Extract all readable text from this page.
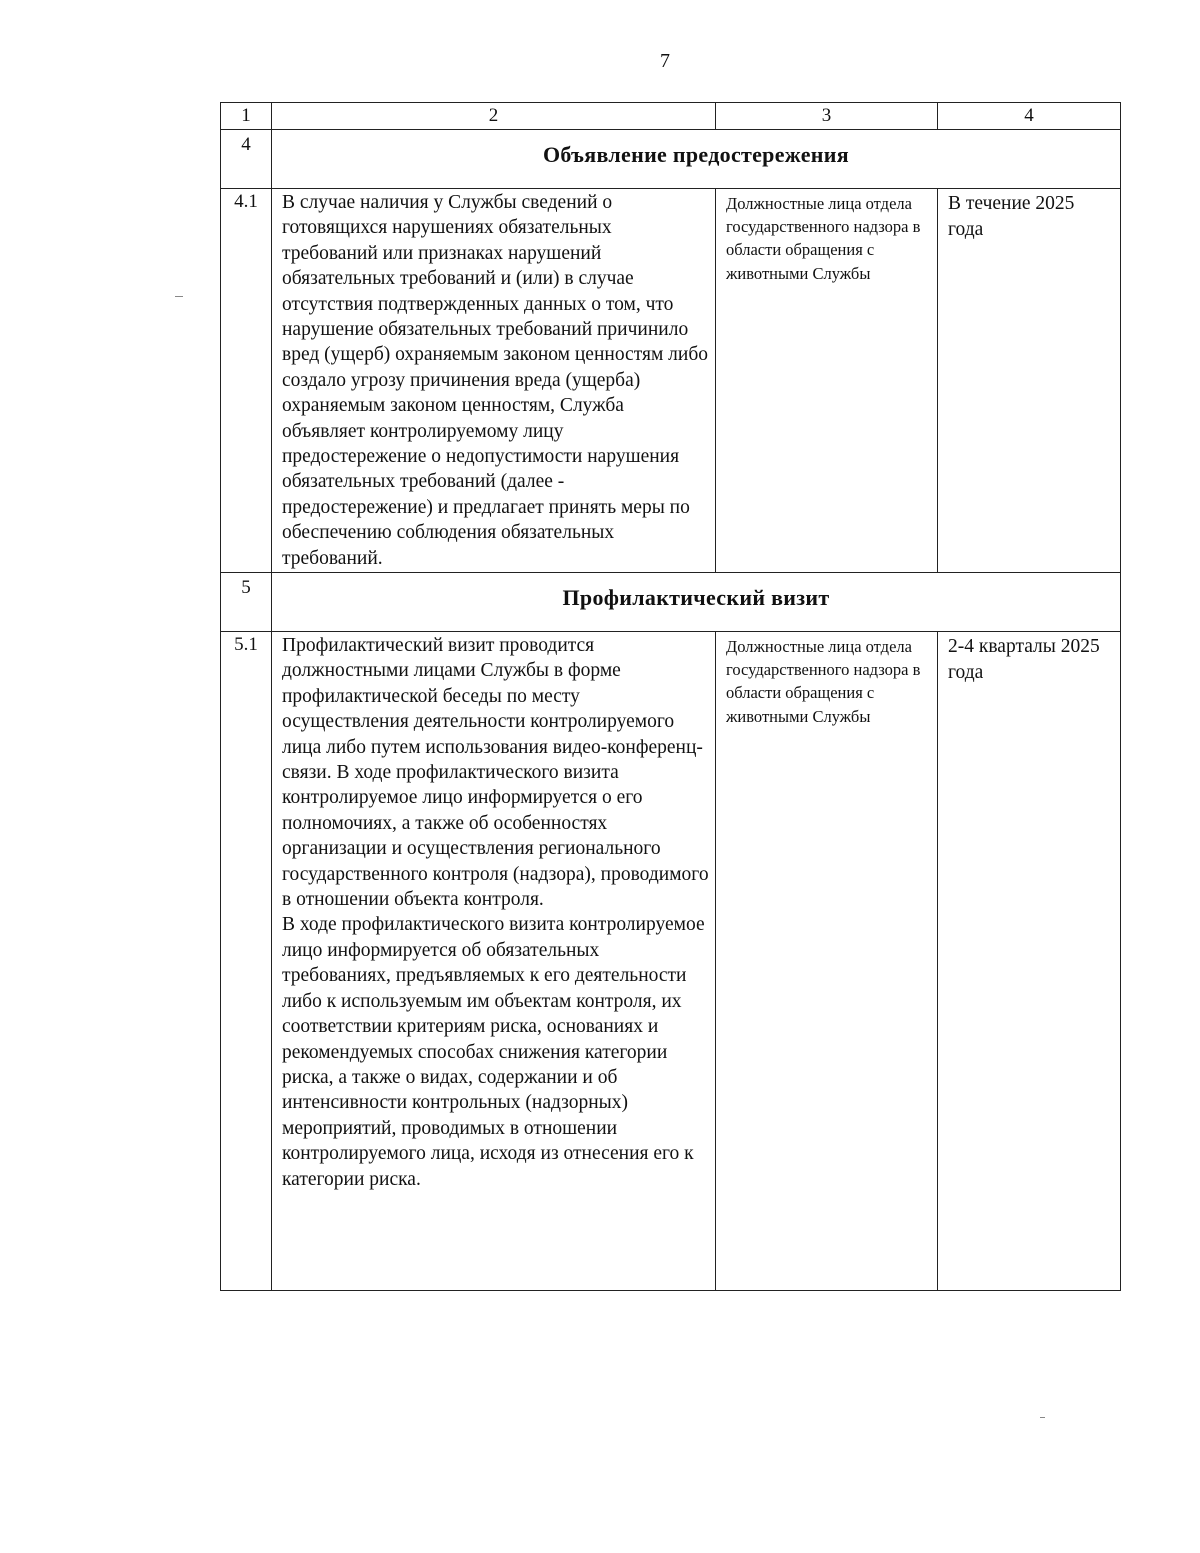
7
1	2	3	4
4	Объявление предостережения		
4.1	В случае наличия у Службы сведений о готовящихся нарушениях обязательных требований или признаках нарушений обязательных требований и (или) в случае отсутствия подтвержденных данных о том, что нарушение обязательных требований причинило вред (ущерб) охраняемым законом ценностям либо создало угрозу причинения вреда (ущерба) охраняемым законом ценностям, Служба объявляет контролируемому лицу предостережение о недопустимости нарушения обязательных требований (далее - предостережение) и предлагает принять меры по обеспечению соблюдения обязательных требований.	Должностные лица отдела государственного надзора в области обращения с животными Службы	В течение 2025 года
5	Профилактический визит		
5.1	Профилактический визит проводится должностными лицами Службы в форме профилактической беседы по месту осуществления деятельности контролируемого лица либо путем использования видео-конференц-связи. В ходе профилактического визита контролируемое лицо информируется о его полномочиях, а также об особенностях организации и осуществления регионального государственного контроля (надзора), проводимого в отношении объекта контроля.

В ходе профилактического визита контролируемое лицо информируется об обязательных требованиях, предъявляемых к его деятельности либо к используемым им объектам контроля, их соответствии критериям риска, основаниях и рекомендуемых способах снижения категории риска, а также о видах, содержании и об интенсивности контрольных (надзорных) мероприятий, проводимых в отношении контролируемого лица, исходя из отнесения его к категории риска.	Должностные лица отдела государственного надзора в области обращения с животными Службы	2-4 кварталы 2025 года
